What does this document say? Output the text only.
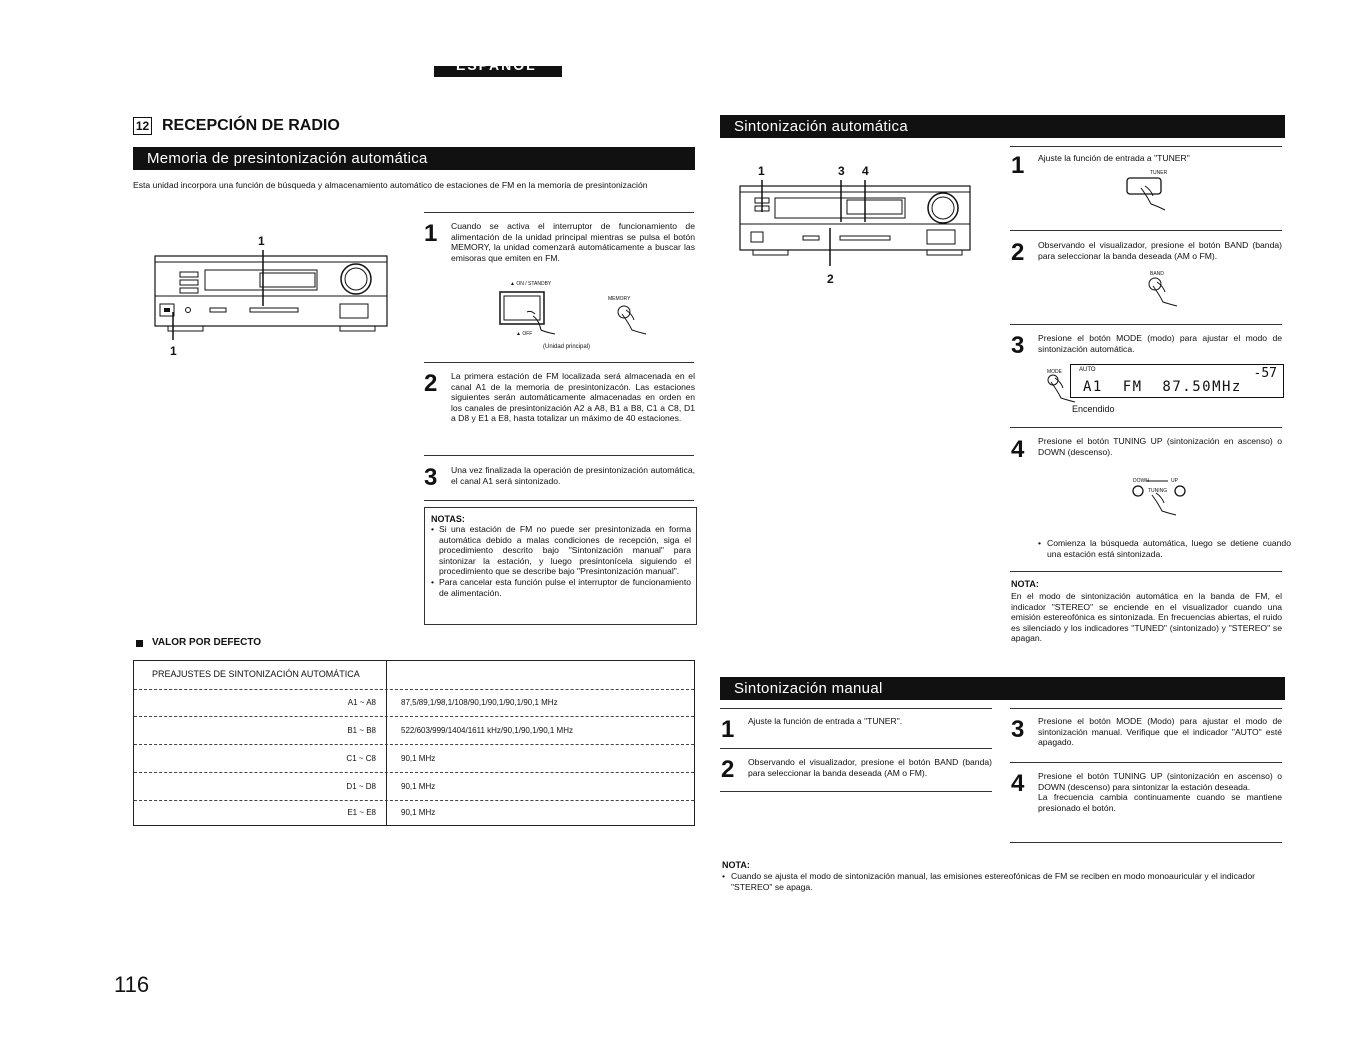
ESPAÑOL
12 RECEPCIÓN DE RADIO
Memoria de presintonización automática
Esta unidad incorpora una función de búsqueda y almacenamiento automático de estaciones de FM en la memoria de presintonización
1
1
1 Cuando se activa el interruptor de funcionamiento de alimentación de la unidad principal mientras se pulsa el botón MEMORY, la unidad comenzará automáticamente a buscar las emisoras que emiten en FM.
▲ ON / STANDBY
▲ OFF
MEMORY
(Unidad principal)
2 La primera estación de FM localizada será almacenada en el canal A1 de la memoria de presintonizacón. Las estaciones siguientes serán automáticamente almacenadas en orden en los canales de presintonización A2 a A8, B1 a B8, C1 a C8, D1 a D8 y E1 a E8, hasta totalizar un máximo de 40 estaciones.
3 Una vez finalizada la operación de presintonización automática, el canal A1 será sintonizado.
NOTAS:
• Si una estación de FM no puede ser presintonizada en forma automática debido a malas condiciones de recepción, siga el procedimiento descrito bajo "Sintonización manual" para sintonizar la estación, y luego presintonícela siguiendo el procedimiento que se describe bajo "Presintonización manual".
• Para cancelar esta función pulse el interruptor de funcionamiento de alimentación.
VALOR POR DEFECTO
PREAJUSTES DE SINTONIZACIÓN AUTOMÁTICA
A1 ~ A8	87,5/89,1/98,1/108/90,1/90,1/90,1/90,1 MHz
B1 ~ B8	522/603/999/1404/1611 kHz/90,1/90,1/90,1 MHz
C1 ~ C8	90,1 MHz
D1 ~ D8	90,1 MHz
E1 ~ E8	90,1 MHz
116
Sintonización automática
1	3 4
2
1 Ajuste la función de entrada a "TUNER"
TUNER
2 Observando el visualizador, presione el botón BAND (banda) para seleccionar la banda deseada (AM o FM).
BAND
3 Presione el botón MODE (modo) para ajustar el modo de sintonización automática.
MODE	AUTO	-57
A1  FM  87.50MHz
Encendido
4 Presione el botón TUNING UP (sintonización en ascenso) o DOWN (descenso).
DOWN	UP
TUNING
• Comienza la búsqueda automática, luego se detiene cuando una estación está sintonizada.
NOTA:
En el modo de sintonización automática en la banda de FM, el indicador "STEREO" se enciende en el visualizador cuando una emisión estereofónica es sintonizada. En frecuencias abiertas, el ruido es silenciado y los indicadores "TUNED" (sintonizado) y "STEREO" se apagan.
Sintonización manual
1 Ajuste la función de entrada a "TUNER".
2 Observando el visualizador, presione el botón BAND (banda) para seleccionar la banda deseada (AM o FM).
3 Presione el botón MODE (Modo) para ajustar el modo de sintonización manual. Verifique que el indicador "AUTO" esté apagado.
4 Presione el botón TUNING UP (sintonización en ascenso) o DOWN (descenso) para sintonizar la estación deseada.
La frecuencia cambia continuamente cuando se mantiene presionado el botón.
NOTA:
• Cuando se ajusta el modo de sintonización manual, las emisiones estereofónicas de FM se reciben en modo monoauricular y el indicador "STEREO" se apaga.
